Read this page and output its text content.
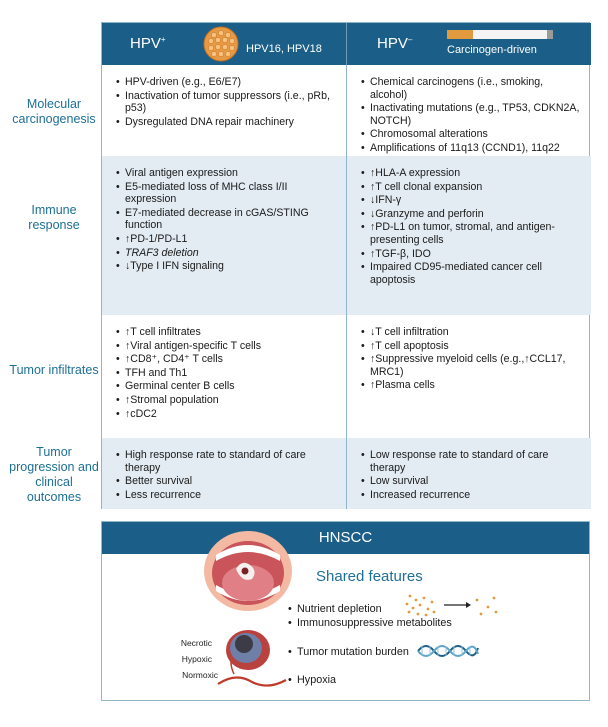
Molecular carcinogenesis
Immune response
Tumor infiltrates
Tumor progression and clinical outcomes
HPV+
HPV16, HPV18	HPV–
Carcinogen-driven
• HPV-driven (e.g., E6/E7)
• Inactivation of tumor suppressors (i.e., pRb, p53)
• Dysregulated DNA repair machinery
• Chemical carcinogens (i.e., smoking, alcohol)
• Inactivating mutations (e.g., TP53, CDKN2A, NOTCH)
• Chromosomal alterations
• Amplifications of 11q13 (CCND1), 11q22
• Viral antigen expression
• E5-mediated loss of MHC class I/II expression
• E7-mediated decrease in cGAS/STING function
• ↑PD-1/PD-L1
• TRAF3 deletion
• ↓Type I IFN signaling
• ↑HLA-A expression
• ↑T cell clonal expansion
• ↓IFN-γ
• ↓Granzyme and perforin
• ↑PD-L1 on tumor, stromal, and antigen-presenting cells
• ↑TGF-β, IDO
• Impaired CD95-mediated cancer cell apoptosis
• ↑T cell infiltrates
• ↑Viral antigen-specific T cells
• ↑CD8⁺, CD4⁺ T cells
• TFH and Th1
• Germinal center B cells
• ↑Stromal population
• ↑cDC2
• ↓T cell infiltration
• ↑T cell apoptosis
• ↑Suppressive myeloid cells (e.g.,↑CCL17, MRC1)
• ↑Plasma cells
• High response rate to standard of care therapy
• Better survival
• Less recurrence
• Low response rate to standard of care therapy
• Low survival
• Increased recurrence
HNSCC
Shared features
• Nutrient depletion
• Immunosuppressive metabolites
• Tumor mutation burden
• Hypoxia
Necrotic
Hypoxic
Normoxic
